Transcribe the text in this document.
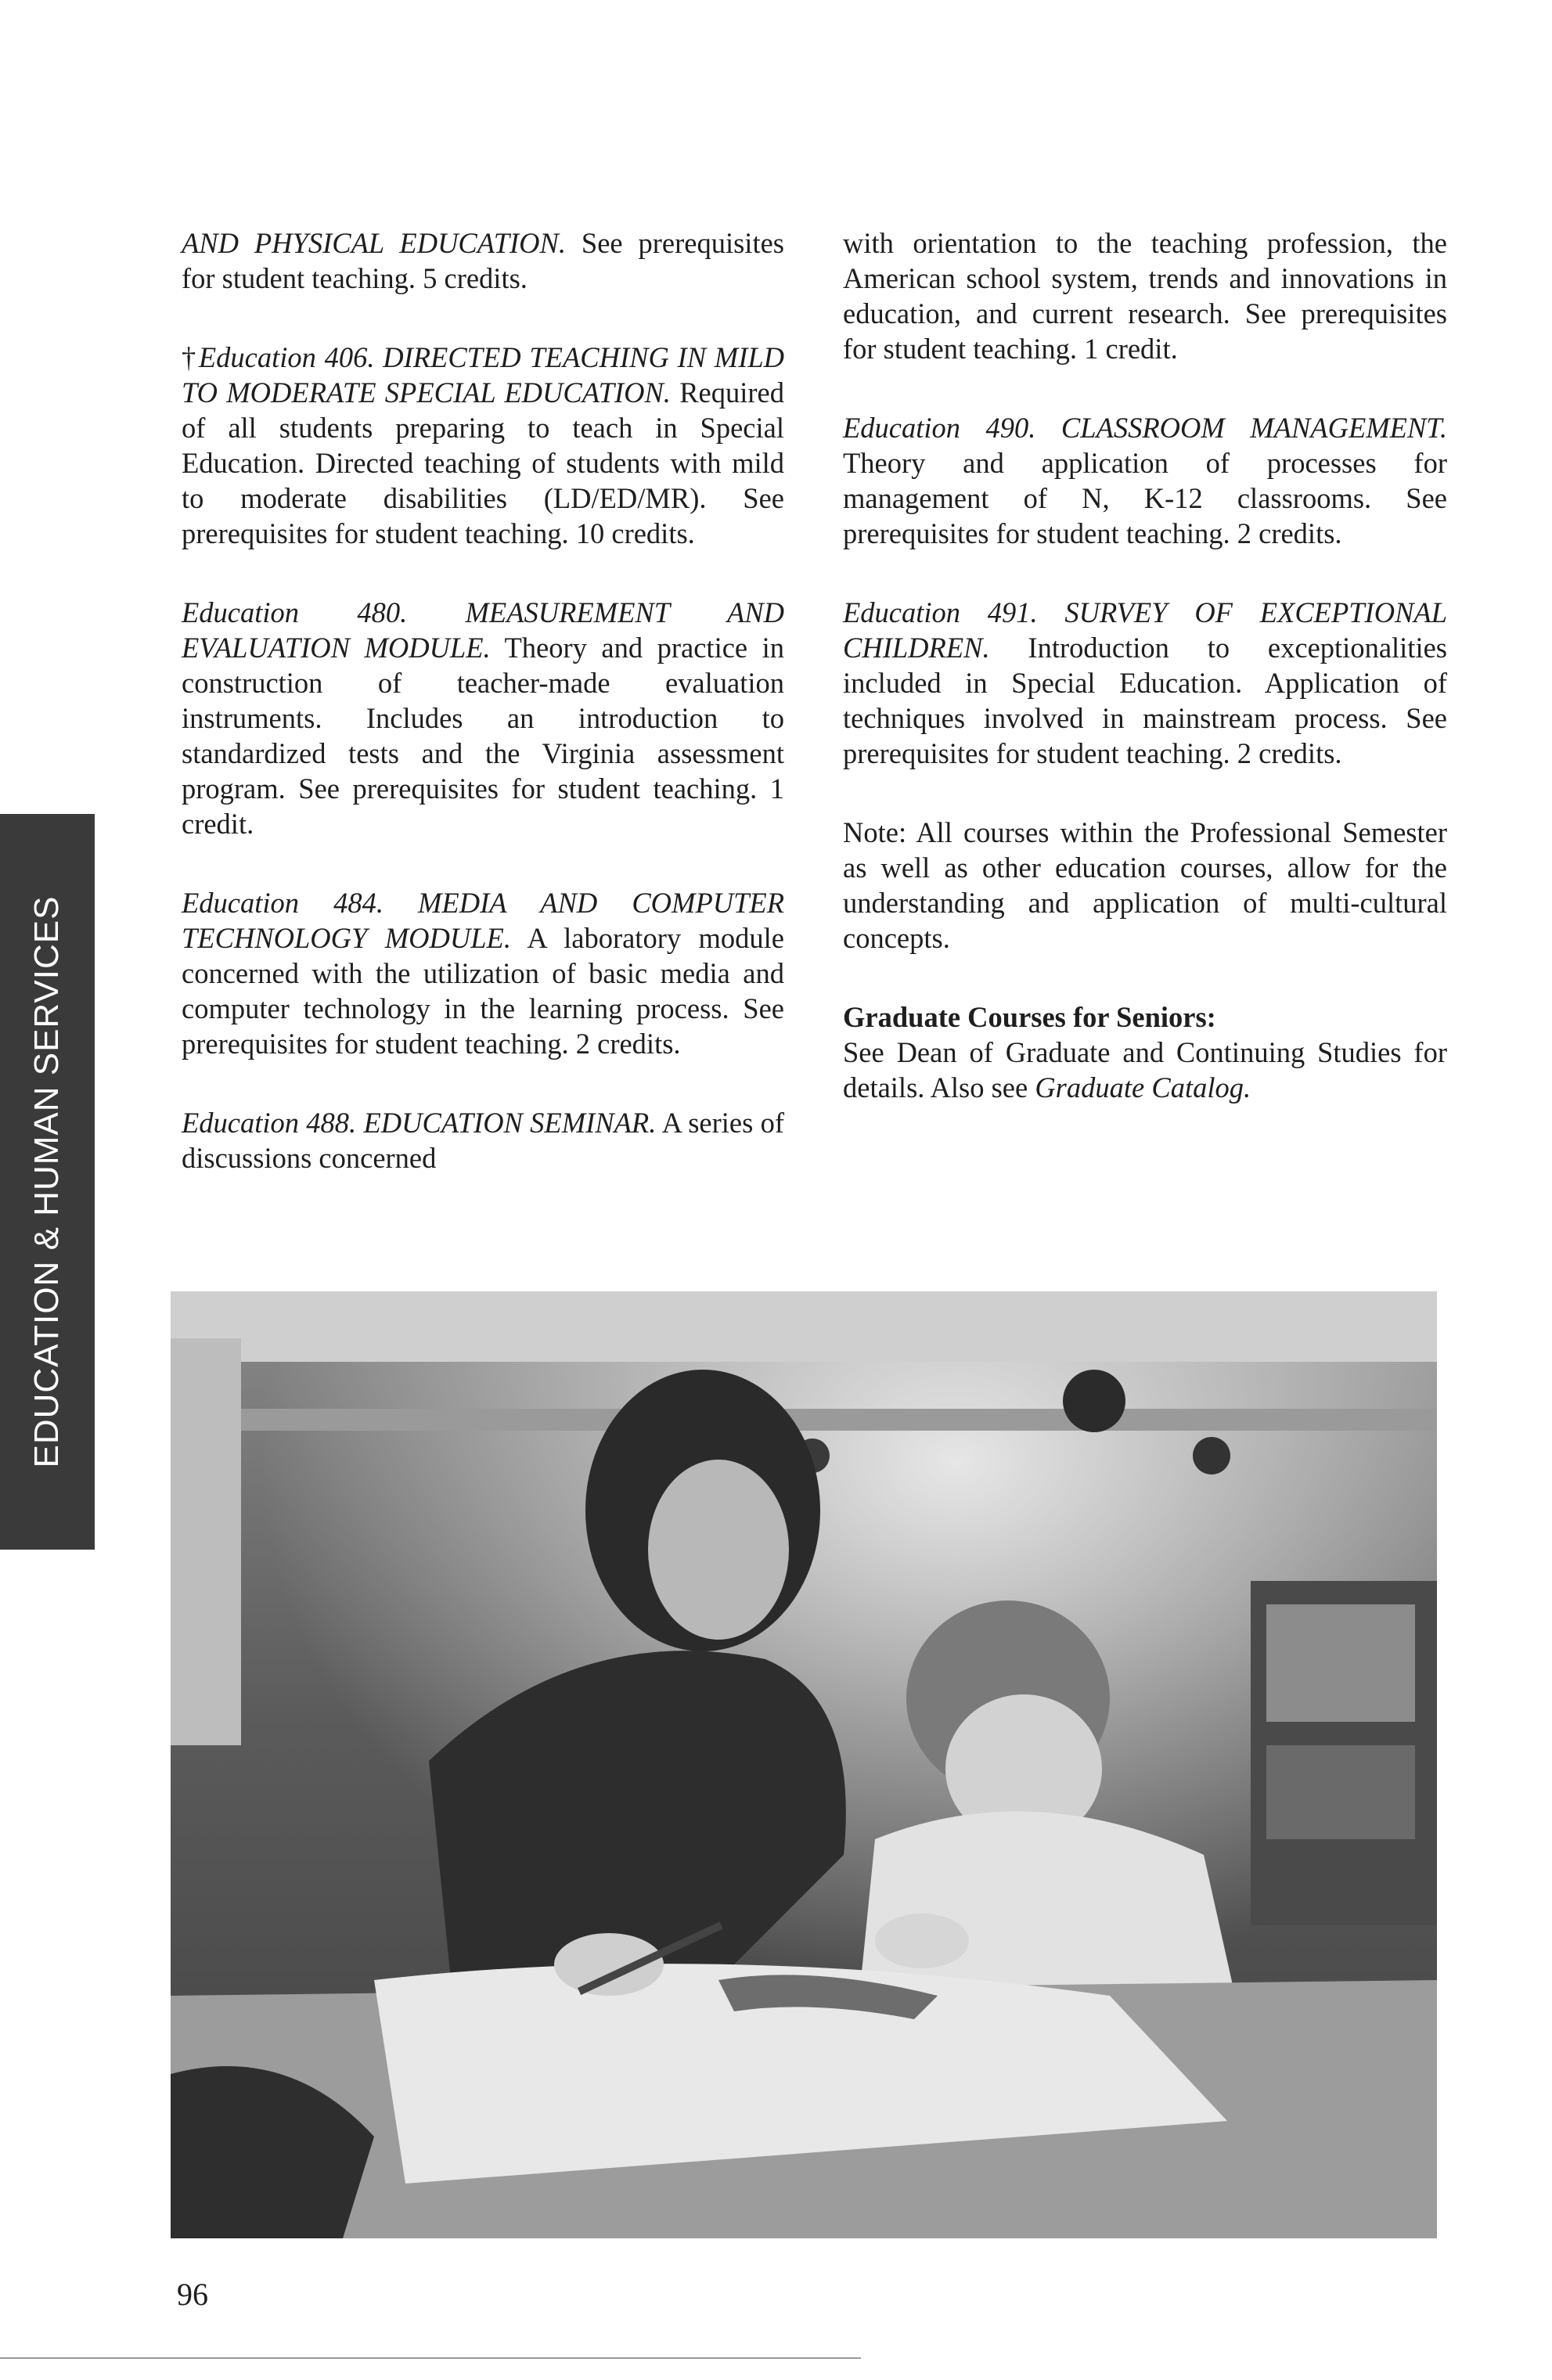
EDUCATION & HUMAN SERVICES

AND PHYSICAL EDUCATION. See prerequisites for student teaching. 5 credits.

†Education 406. DIRECTED TEACHING IN MILD TO MODERATE SPECIAL EDUCATION. Required of all students preparing to teach in Special Education. Directed teaching of students with mild to moderate disabilities (LD/ED/MR). See prerequisites for student teaching. 10 credits.

Education 480. MEASUREMENT AND EVALUATION MODULE. Theory and practice in construction of teacher-made evaluation instruments. Includes an introduction to standardized tests and the Virginia assessment program. See prerequisites for student teaching. 1 credit.

Education 484. MEDIA AND COMPUTER TECHNOLOGY MODULE. A laboratory module concerned with the utilization of basic media and computer technology in the learning process. See prerequisites for student teaching. 2 credits.

Education 488. EDUCATION SEMINAR. A series of discussions concerned

with orientation to the teaching profession, the American school system, trends and innovations in education, and current research. See prerequisites for student teaching. 1 credit.

Education 490. CLASSROOM MANAGEMENT. Theory and application of processes for management of N, K-12 classrooms. See prerequisites for student teaching. 2 credits.

Education 491. SURVEY OF EXCEPTIONAL CHILDREN. Introduction to exceptionalities included in Special Education. Application of techniques involved in mainstream process. See prerequisites for student teaching. 2 credits.

Note: All courses within the Professional Semester as well as other education courses, allow for the understanding and application of multi-cultural concepts.

Graduate Courses for Seniors:

See Dean of Graduate and Continuing Studies for details. Also see Graduate Catalog.

96
